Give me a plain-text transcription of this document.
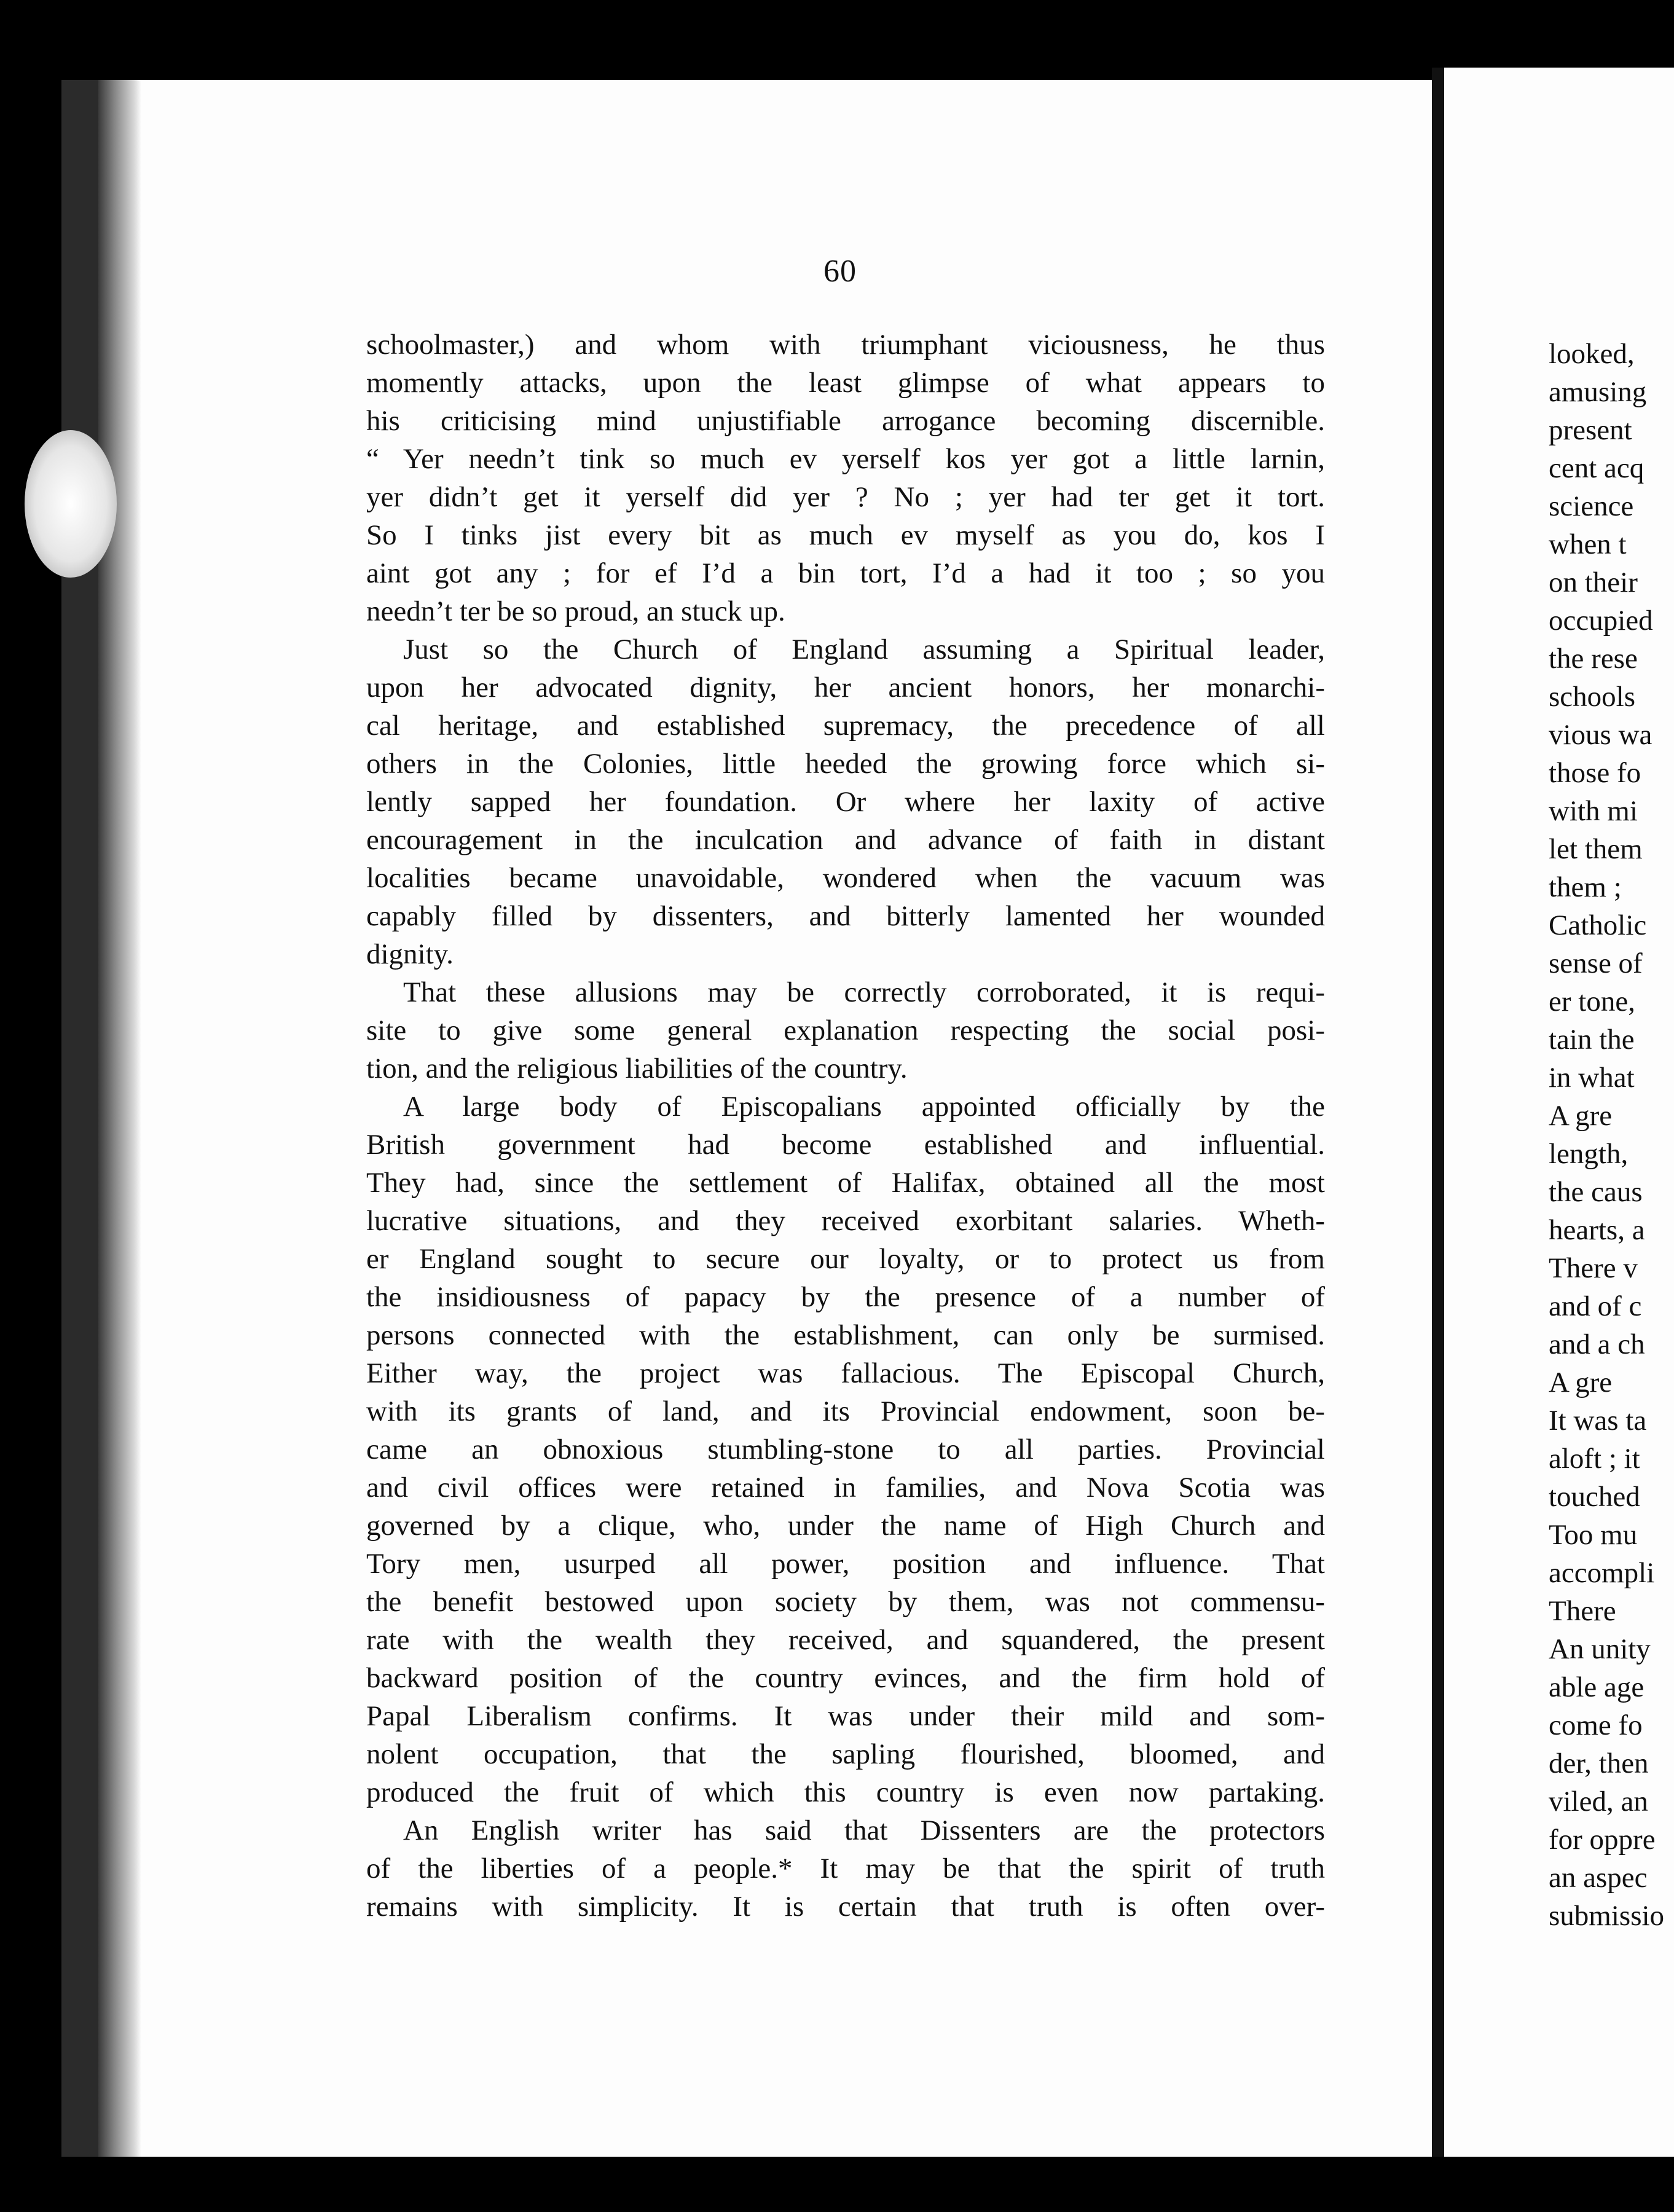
60
schoolmaster,) and whom with triumphant viciousness, he thus
momently attacks, upon the least glimpse of what appears to
his criticising mind unjustifiable arrogance becoming discernible.
“ Yer needn’t tink so much ev yerself kos yer got a little larnin,
yer didn’t get it yerself did yer ? No ; yer had ter get it tort.
So I tinks jist every bit as much ev myself as you do, kos I
aint got any ; for ef I’d a bin tort, I’d a had it too ; so you
needn’t ter be so proud, an stuck up.
Just so the Church of England assuming a Spiritual leader,
upon her advocated dignity, her ancient honors, her monarchi-
cal heritage, and established supremacy, the precedence of all
others in the Colonies, little heeded the growing force which si-
lently sapped her foundation. Or where her laxity of active
encouragement in the inculcation and advance of faith in distant
localities became unavoidable, wondered when the vacuum was
capably filled by dissenters, and bitterly lamented her wounded
dignity.
That these allusions may be correctly corroborated, it is requi-
site to give some general explanation respecting the social posi-
tion, and the religious liabilities of the country.
A large body of Episcopalians appointed officially by the
British government had become established and influential.
They had, since the settlement of Halifax, obtained all the most
lucrative situations, and they received exorbitant salaries. Wheth-
er England sought to secure our loyalty, or to protect us from
the insidiousness of papacy by the presence of a number of
persons connected with the establishment, can only be surmised.
Either way, the project was fallacious. The Episcopal Church,
with its grants of land, and its Provincial endowment, soon be-
came an obnoxious stumbling-stone to all parties. Provincial
and civil offices were retained in families, and Nova Scotia was
governed by a clique, who, under the name of High Church and
Tory men, usurped all power, position and influence. That
the benefit bestowed upon society by them, was not commensu-
rate with the wealth they received, and squandered, the present
backward position of the country evinces, and the firm hold of
Papal Liberalism confirms. It was under their mild and som-
nolent occupation, that the sapling flourished, bloomed, and
produced the fruit of which this country is even now partaking.
An English writer has said that Dissenters are the protectors
of the liberties of a people.* It may be that the spirit of truth
remains with simplicity. It is certain that truth is often over-
looked,
amusing
present
cent acq
science
when t
on their
occupied
the rese
schools
vious wa
those fo
with mi
let them
them ;
Catholic
sense of
er tone,
tain the
in what
A gre
length,
the caus
hearts, a
There v
and of c
and a ch
A gre
It was ta
aloft ; it
touched
Too mu
accompli
There
An unity
able age
come fo
der, then
viled, an
for oppre
an aspec
submissio
